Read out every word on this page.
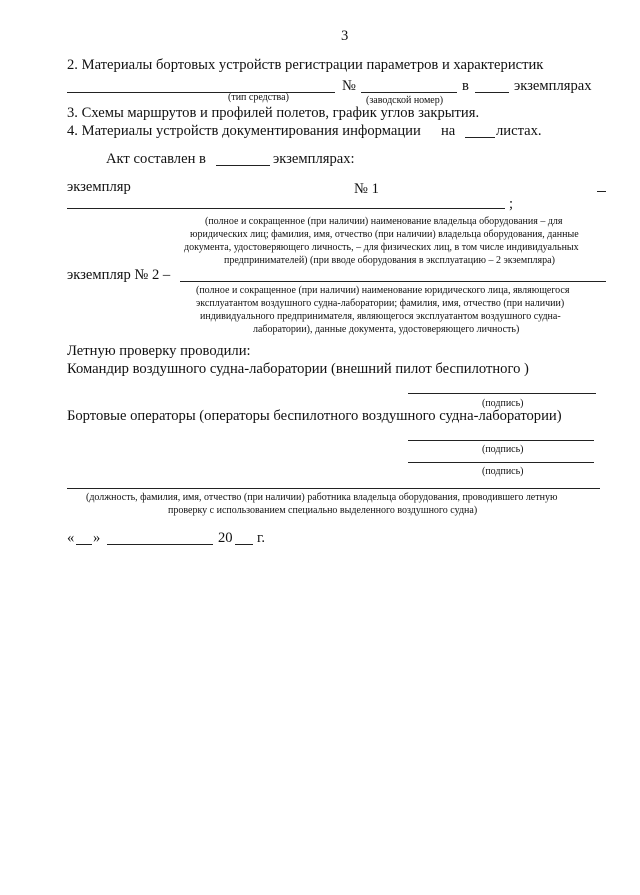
3
2. Материалы бортовых устройств регистрации параметров и характеристик
№	в	экземплярах
(тип средства)	(заводской номер)
3. Схемы маршрутов и профилей полетов, график углов закрытия.
4. Материалы устройств документирования информации на	листах.
Акт составлен в	экземплярах:
экземпляр	№ 1
;
(полное и сокращенное (при наличии) наименование владельца оборудования – для
юридических лиц; фамилия, имя, отчество (при наличии) владельца оборудования, данные
документа, удостоверяющего личность, – для физических лиц, в том числе индивидуальных
предпринимателей) (при вводе оборудования в эксплуатацию – 2 экземпляра)
экземпляр № 2 –
(полное и сокращенное (при наличии) наименование юридического лица, являющегося
эксплуатантом воздушного судна-лаборатории; фамилия, имя, отчество (при наличии)
индивидуального предпринимателя, являющегося эксплуатантом воздушного судна-
лаборатории), данные документа, удостоверяющего личность)
Летную проверку проводили:
Командир воздушного судна-лаборатории (внешний пилот беспилотного )
(подпись)
Бортовые операторы (операторы беспилотного воздушного судна-лаборатории)
(подпись)
(подпись)
(должность, фамилия, имя, отчество (при наличии) работника владельца оборудования, проводившего летную
проверку с использованием специально выделенного воздушного судна)
« »	20 г.
